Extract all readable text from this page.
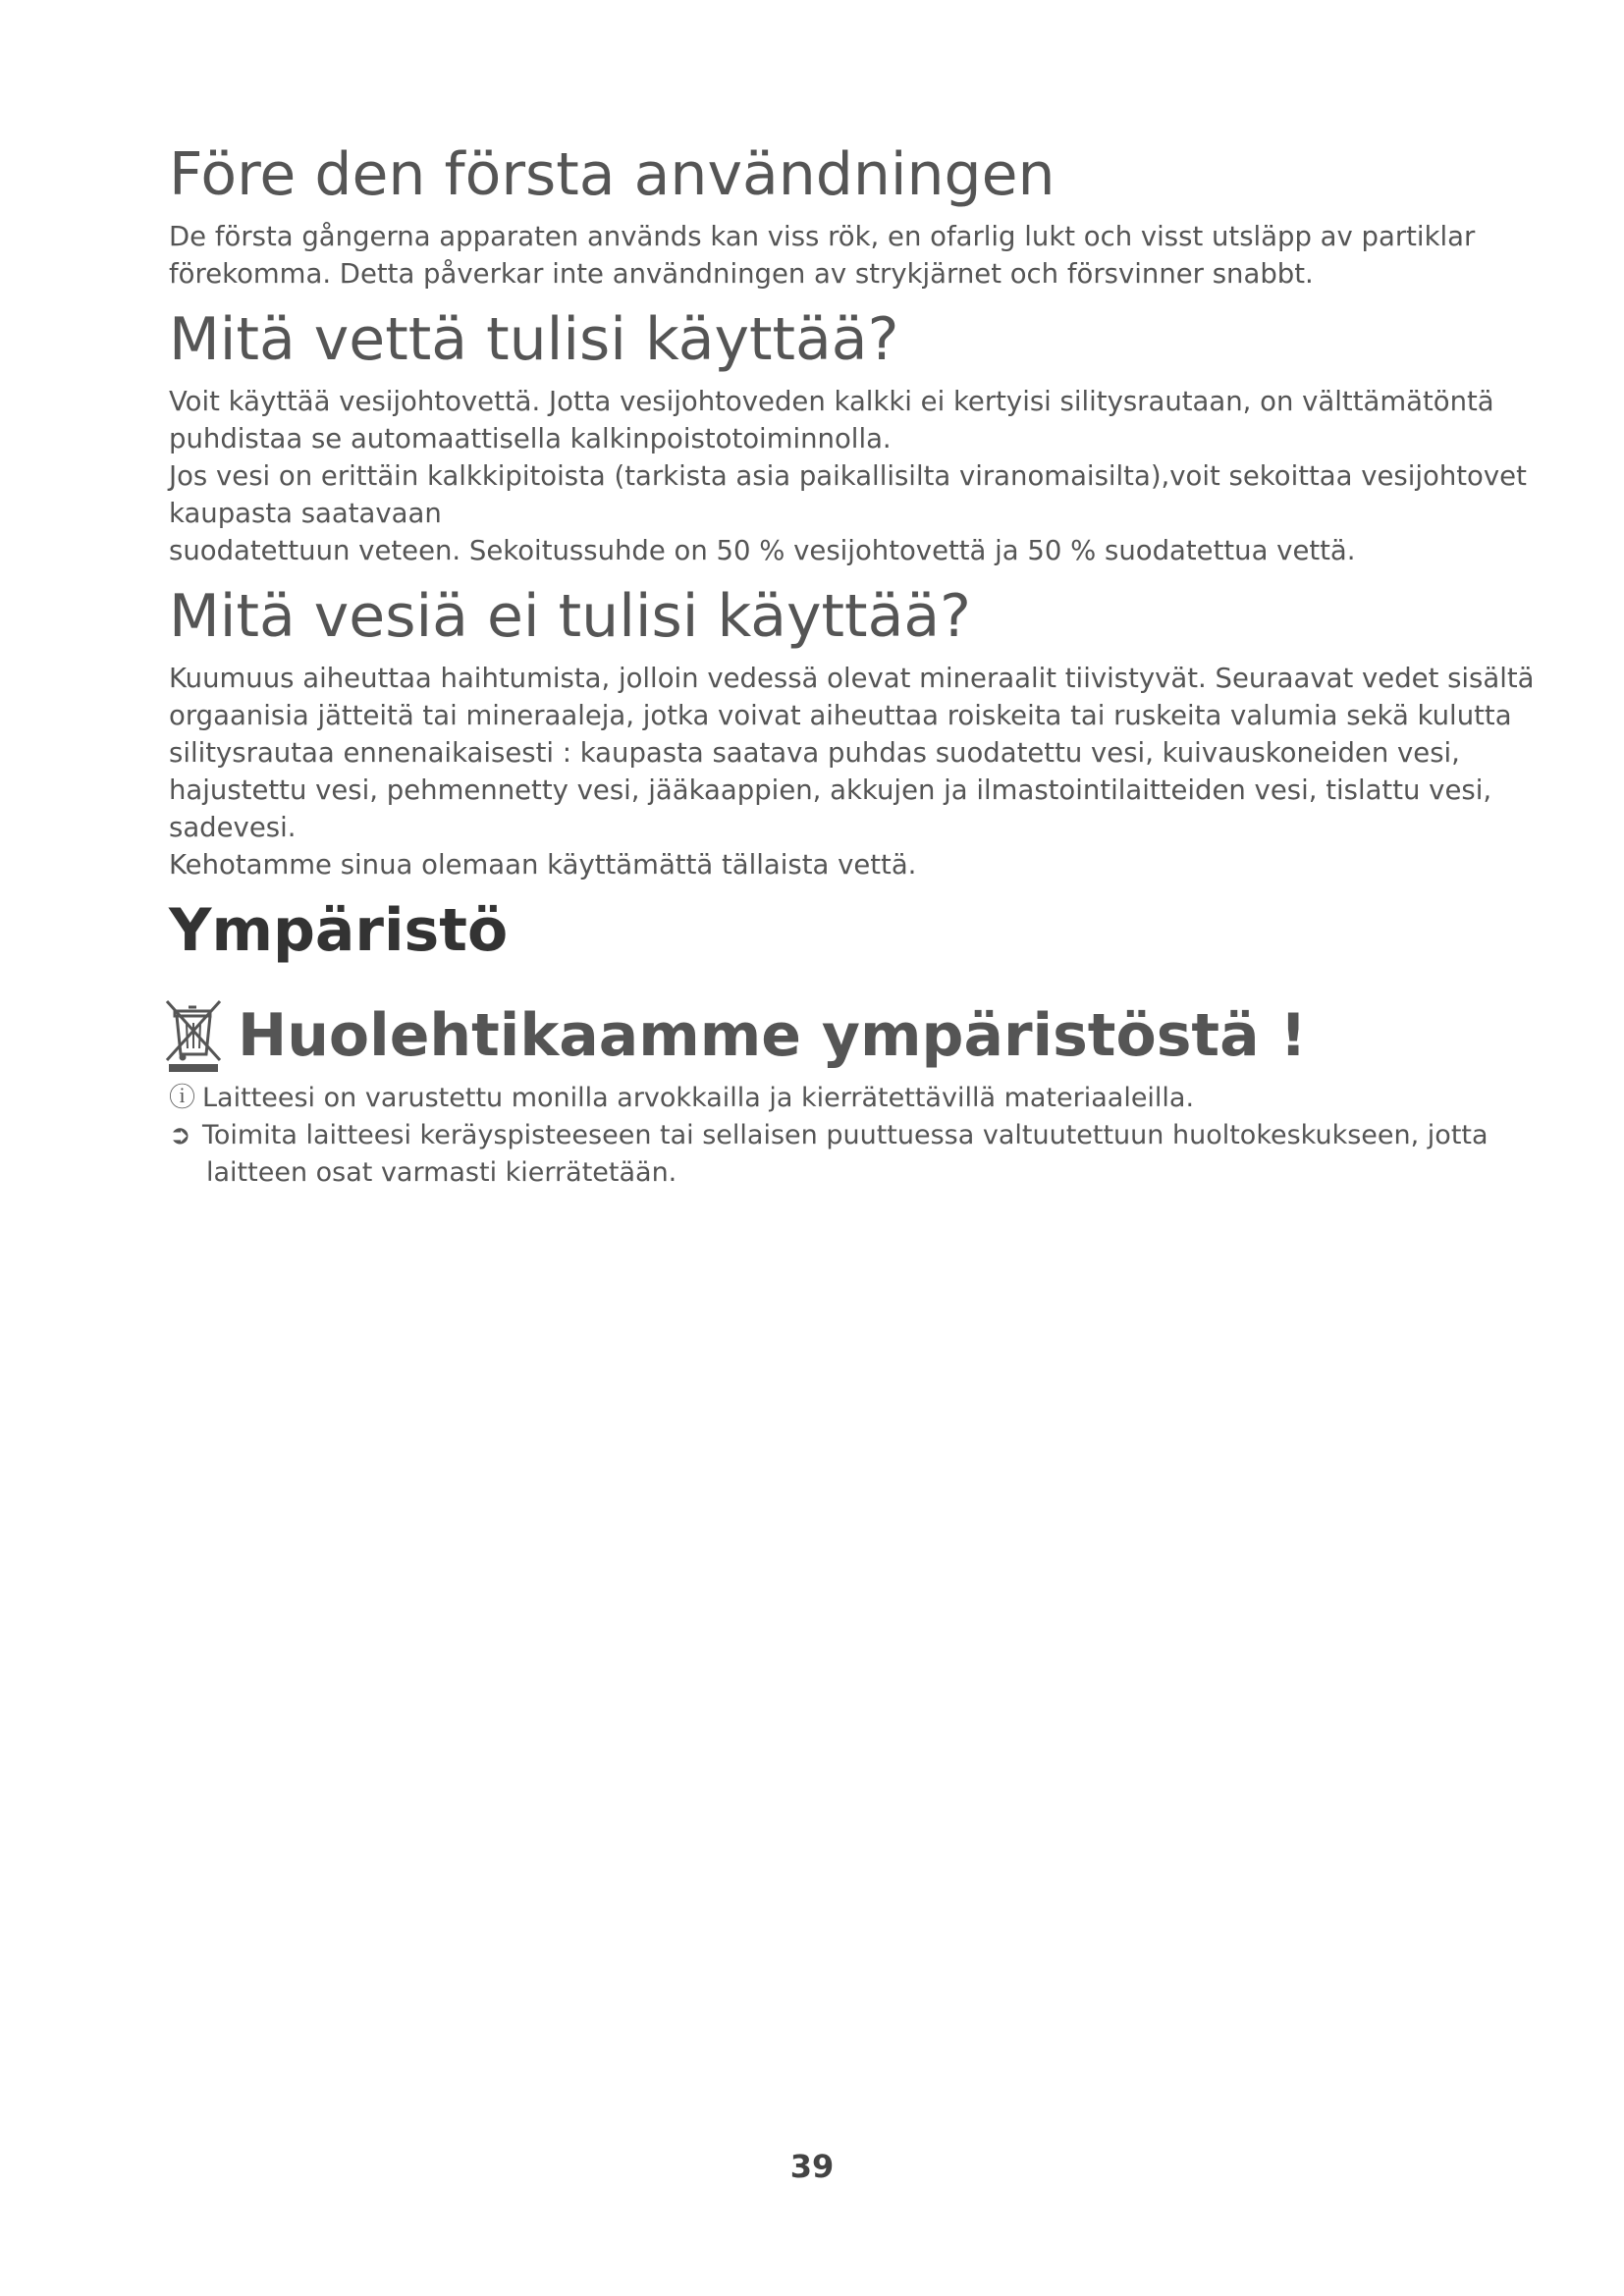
Före den första användningen

De första gångerna apparaten används kan viss rök, en ofarlig lukt och visst utsläpp av partiklar

förekomma. Detta påverkar inte användningen av strykjärnet och försvinner snabbt.

Mitä vettä tulisi käyttää?

Voit käyttää vesijohtovettä. Jotta vesijohtoveden kalkki ei kertyisi silitysrautaan, on välttämätöntä

puhdistaa se automaattisella kalkinpoistotoiminnolla.

Jos vesi on erittäin kalkkipitoista (tarkista asia paikallisilta viranomaisilta),voit sekoittaa vesijohtovet

kaupasta saatavaan

suodatettuun veteen. Sekoitussuhde on 50 % vesijohtovettä ja 50 % suodatettua vettä.

Mitä vesiä ei tulisi käyttää?

Kuumuus aiheuttaa haihtumista, jolloin vedessä olevat mineraalit tiivistyvät. Seuraavat vedet sisältä

orgaanisia jätteitä tai mineraaleja, jotka voivat aiheuttaa roiskeita tai ruskeita valumia sekä kulutta

silitysrautaa ennenaikaisesti : kaupasta saatava puhdas suodatettu vesi, kuivauskoneiden vesi,

hajustettu vesi, pehmennetty vesi, jääkaappien, akkujen ja ilmastointilaitteiden vesi, tislattu vesi,

sadevesi.

Kehotamme sinua olemaan käyttämättä tällaista vettä.

Ympäristö
Huolehtikaamme ympäristöstä !

ⓘ Laitteesi on varustettu monilla arvokkailla ja kierrätettävillä materiaaleilla.

➲ Toimita laitteesi keräyspisteeseen tai sellaisen puuttuessa valtuutettuun huoltokeskukseen, jotta

laitteen osat varmasti kierrätetään.

39
